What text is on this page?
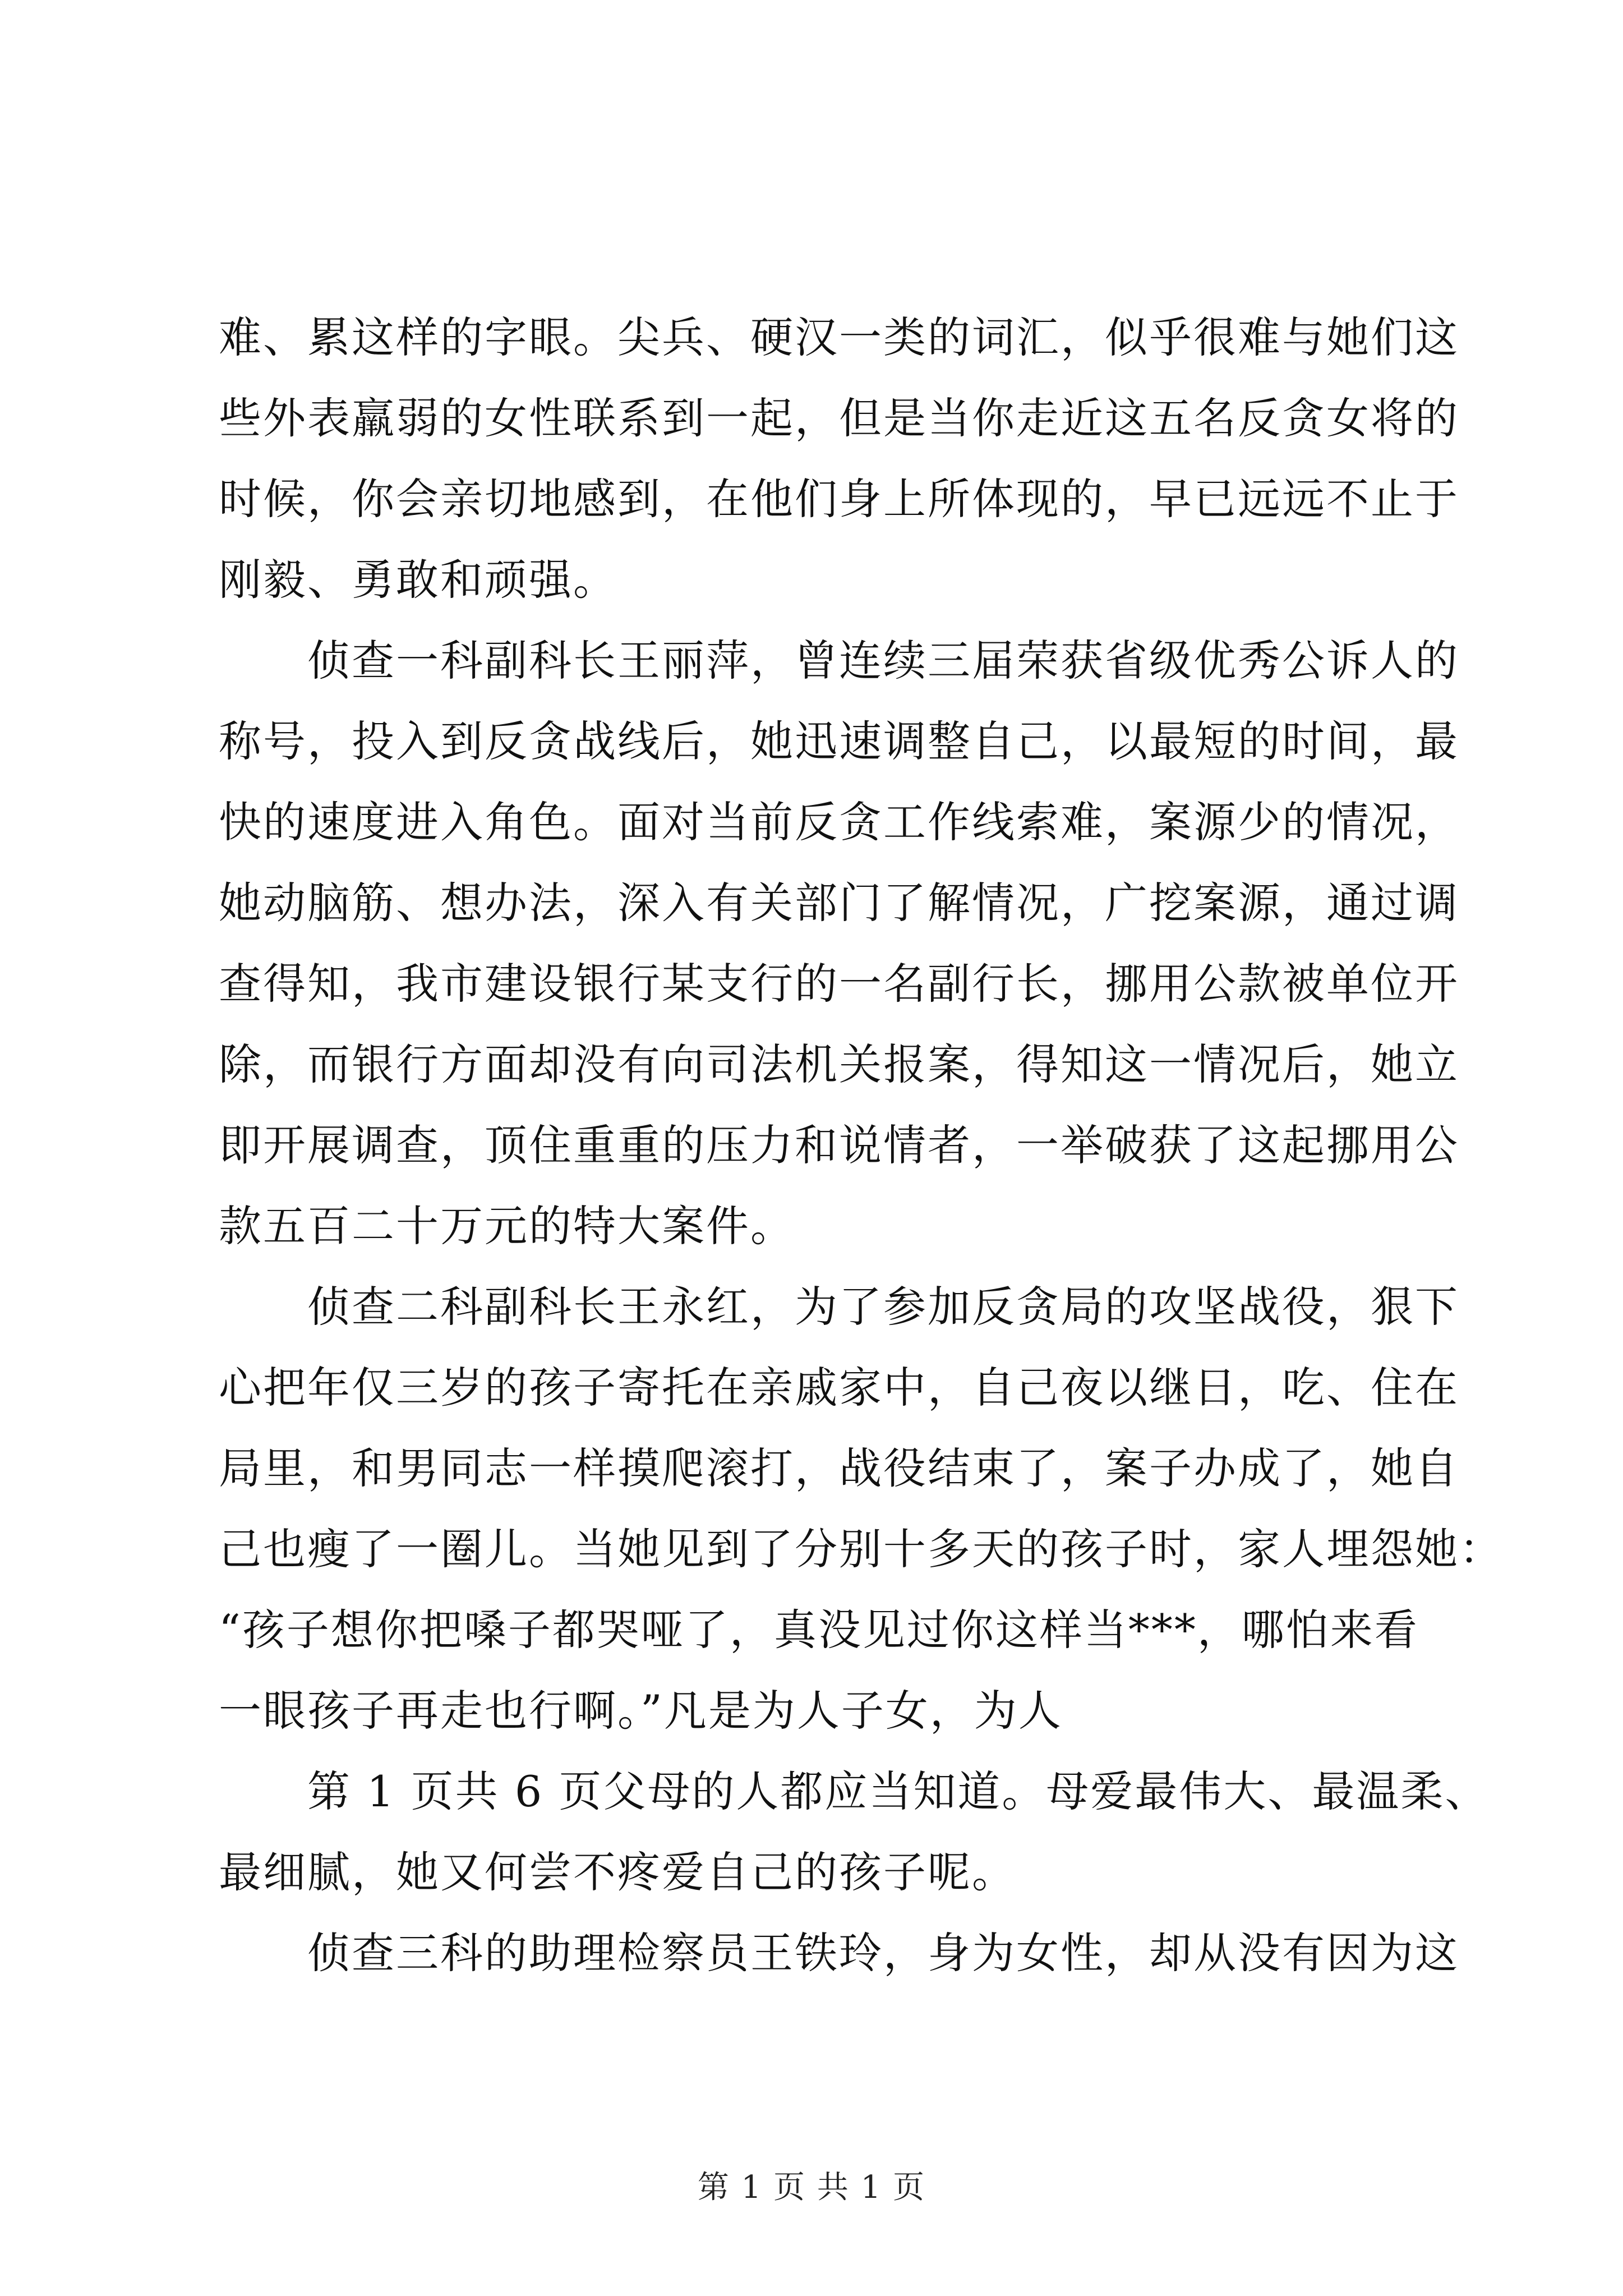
难、累这样的字眼。尖兵、硬汉一类的词汇，似乎很难与她们这
些外表羸弱的女性联系到一起，但是当你走近这五名反贪女将的
时候，你会亲切地感到，在他们身上所体现的，早已远远不止于
刚毅、勇敢和顽强。
　　侦查一科副科长王丽萍，曾连续三届荣获省级优秀公诉人的
称号，投入到反贪战线后，她迅速调整自己，以最短的时间，最
快的速度进入角色。面对当前反贪工作线索难，案源少的情况，
她动脑筋、想办法，深入有关部门了解情况，广挖案源，通过调
查得知，我市建设银行某支行的一名副行长，挪用公款被单位开
除，而银行方面却没有向司法机关报案，得知这一情况后，她立
即开展调查，顶住重重的压力和说情者，一举破获了这起挪用公
款五百二十万元的特大案件。
　　侦查二科副科长王永红，为了参加反贪局的攻坚战役，狠下
心把年仅三岁的孩子寄托在亲戚家中，自己夜以继日，吃、住在
局里，和男同志一样摸爬滚打，战役结束了，案子办成了，她自
己也瘦了一圈儿。当她见到了分别十多天的孩子时，家人埋怨她：
“孩子想你把嗓子都哭哑了，真没见过你这样当***，哪怕来看
一眼孩子再走也行啊。”凡是为人子女，为人
　　第 1 页共 6 页父母的人都应当知道。母爱最伟大、最温柔、
最细腻，她又何尝不疼爱自己的孩子呢。
　　侦查三科的助理检察员王铁玲，身为女性，却从没有因为这
第 1 页 共 1 页
